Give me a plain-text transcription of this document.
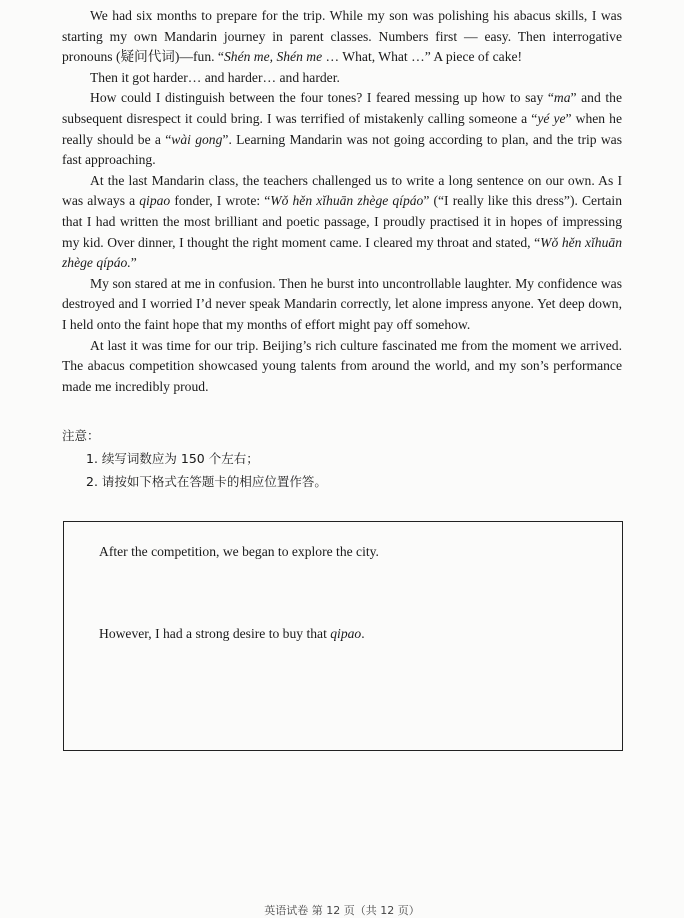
We had six months to prepare for the trip. While my son was polishing his abacus skills, I was starting my own Mandarin journey in parent classes. Numbers first — easy. Then interrogative pronouns (疑问代词)—fun. “Shén me, Shén me … What, What …” A piece of cake!

Then it got harder… and harder… and harder.

How could I distinguish between the four tones? I feared messing up how to say “ma” and the subsequent disrespect it could bring. I was terrified of mistakenly calling someone a “yé ye” when he really should be a “wài gong”. Learning Mandarin was not going according to plan, and the trip was fast approaching.

At the last Mandarin class, the teachers challenged us to write a long sentence on our own. As I was always a qipao fonder, I wrote: “Wǒ hěn xǐhuān zhège qípáo” (“I really like this dress”). Certain that I had written the most brilliant and poetic passage, I proudly practised it in hopes of impressing my kid. Over dinner, I thought the right moment came. I cleared my throat and stated, “Wǒ hěn xǐhuān zhège qípáo.”

My son stared at me in confusion. Then he burst into uncontrollable laughter. My confidence was destroyed and I worried I’d never speak Mandarin correctly, let alone impress anyone. Yet deep down, I held onto the faint hope that my months of effort might pay off somehow.

At last it was time for our trip. Beijing’s rich culture fascinated me from the moment we arrived. The abacus competition showcased young talents from around the world, and my son’s performance made me incredibly proud.

注意：
1. 续写词数应为 150 个左右；
2. 请按如下格式在答题卡的相应位置作答。
After the competition, we began to explore the city.
However, I had a strong desire to buy that qipao.
英语试卷 第 12 页（共 12 页）
